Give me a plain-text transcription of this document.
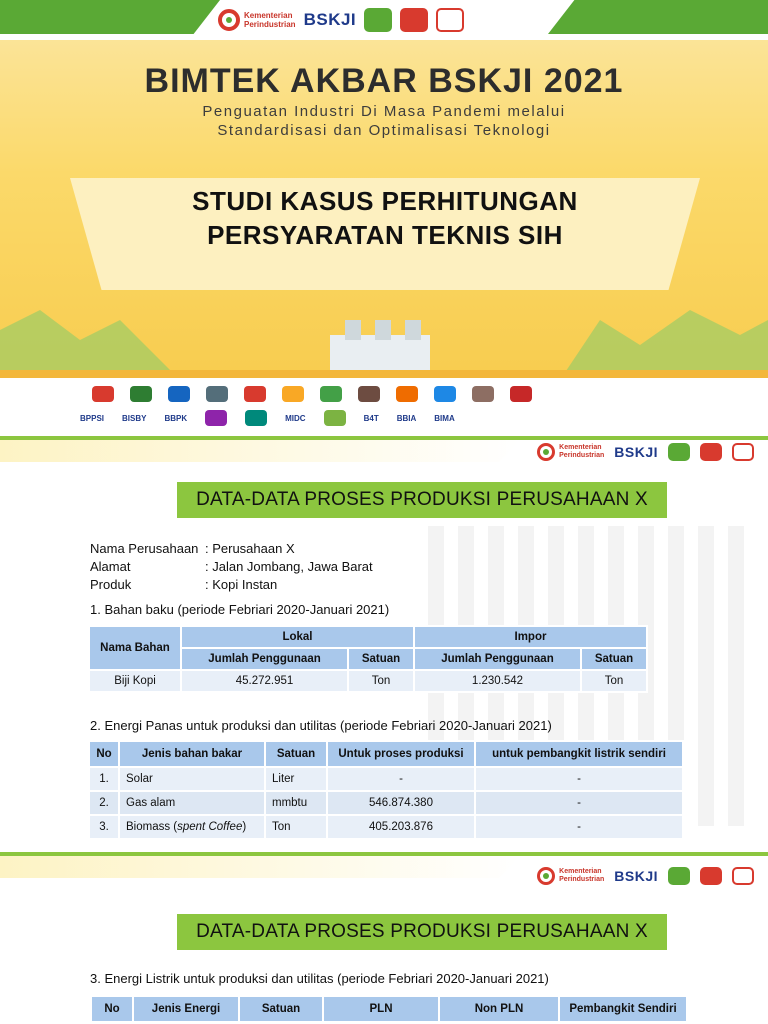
Kementerian
Perindustrian BSKJI
BIMTEK AKBAR BSKJI 2021
Penguatan Industri Di Masa Pandemi melalui
Standardisasi dan Optimalisasi Teknologi
STUDI KASUS PERHITUNGAN
PERSYARATAN TEKNIS SIH
BPPSI BISBY BBPK	MIDC	B4T BBIA BIMA
Kementerian
Perindustrian BSKJI
DATA-DATA PROSES PRODUKSI PERUSAHAAN X
Nama Perusahaan : Perusahaan X
Alamat	: Jalan Jombang, Jawa Barat
Produk	: Kopi Instan
1. Bahan baku (periode Febriari 2020-Januari 2021)
Nama Bahan	Lokal		Impor	
	Jumlah Penggunaan	Satuan	Jumlah Penggunaan	Satuan
Biji Kopi	45.272.951	Ton	1.230.542	Ton
2. Energi Panas untuk produksi dan utilitas (periode Febriari 2020-Januari 2021)
No	Jenis bahan bakar	Satuan	Untuk proses produksi	untuk pembangkit listrik sendiri
1.	Solar	Liter	-	-
2.	Gas alam	mmbtu	546.874.380	-
3.	Biomass (spent Coffee)	Ton	405.203.876	-
Kementerian
Perindustrian BSKJI
DATA-DATA PROSES PRODUKSI PERUSAHAAN X
3. Energi Listrik untuk produksi dan utilitas (periode Febriari 2020-Januari 2021)
No	Jenis Energi	Satuan	PLN	Non PLN	Pembangkit Sendiri
